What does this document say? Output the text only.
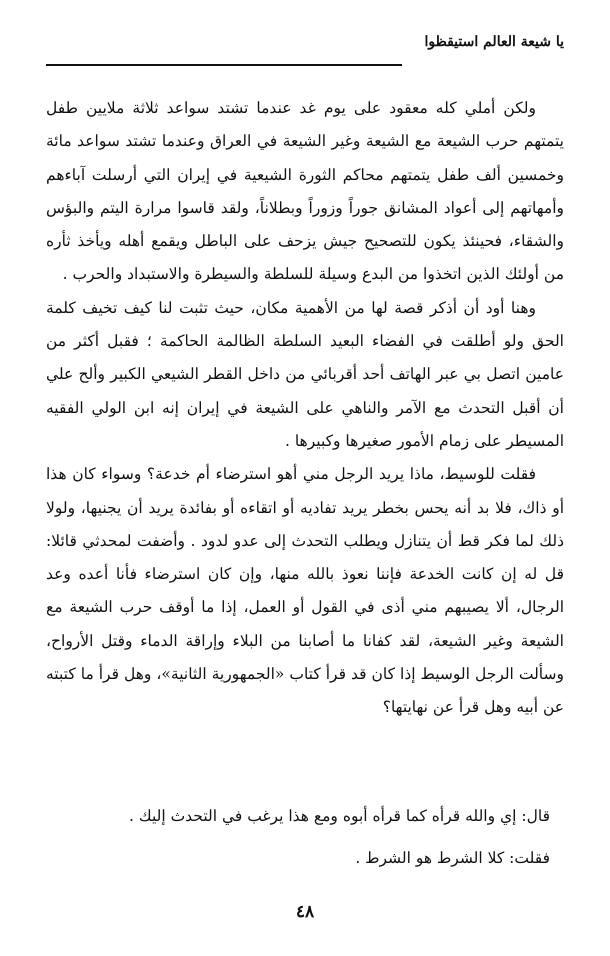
يا شيعة العالم استيقظوا

ولكن أملي كله معقود على يوم غد عندما تشتد سواعد ثلاثة ملايين طفل يتمتهم حرب الشيعة مع الشيعة وغير الشيعة في العراق وعندما تشتد سواعد مائة وخمسين ألف طفل يتمتهم محاكم الثورة الشيعية في إيران التي أرسلت آباءهم وأمهاتهم إلى أعواد المشانق جوراً وزوراً وبطلاناً، ولقد قاسوا مرارة اليتم والبؤس والشقاء، فحينئذ يكون للتصحيح جيش يزحف على الباطل ويقمع أهله ويأخذ ثأره من أولئك الذين اتخذوا من البدع وسيلة للسلطة والسيطرة والاستبداد والحرب .

وهنا أود أن أذكر قصة لها من الأهمية مكان، حيث تثبت لنا كيف تخيف كلمة الحق ولو أطلقت في الفضاء البعيد السلطة الظالمة الحاكمة ؛ فقبل أكثر من عامين اتصل بي عبر الهاتف أحد أقربائي من داخل القطر الشيعي الكبير وألح علي أن أقبل التحدث مع الآمر والناهي على الشيعة في إيران إنه ابن الولي الفقيه المسيطر على زمام الأمور صغيرها وكبيرها .

فقلت للوسيط، ماذا يريد الرجل مني أهو استرضاء أم خدعة؟ وسواء كان هذا أو ذاك، فلا بد أنه يحس بخطر يريد تفاديه أو اتقاءه أو بفائدة يريد أن يجنيها، ولولا ذلك لما فكر قط أن يتنازل ويطلب التحدث إلى عدو لدود . وأضفت لمحدثي قائلا: قل له إن كانت الخدعة فإننا نعوذ بالله منها، وإن كان استرضاء فأنا أعده وعد الرجال، ألا يصيبهم مني أذى في القول أو العمل، إذا ما أوقف حرب الشيعة مع الشيعة وغير الشيعة، لقد كفانا ما أصابنا من البلاء وإراقة الدماء وقتل الأرواح، وسألت الرجل الوسيط إذا كان قد قرأ كتاب «الجمهورية الثانية»، وهل قرأ ما كتبته عن أبيه وهل قرأ عن نهايتها؟

قال: إي والله قرأه كما قرأه أبوه ومع هذا يرغب في التحدث إليك .
فقلت: كلا الشرط هو الشرط .
٤٨
